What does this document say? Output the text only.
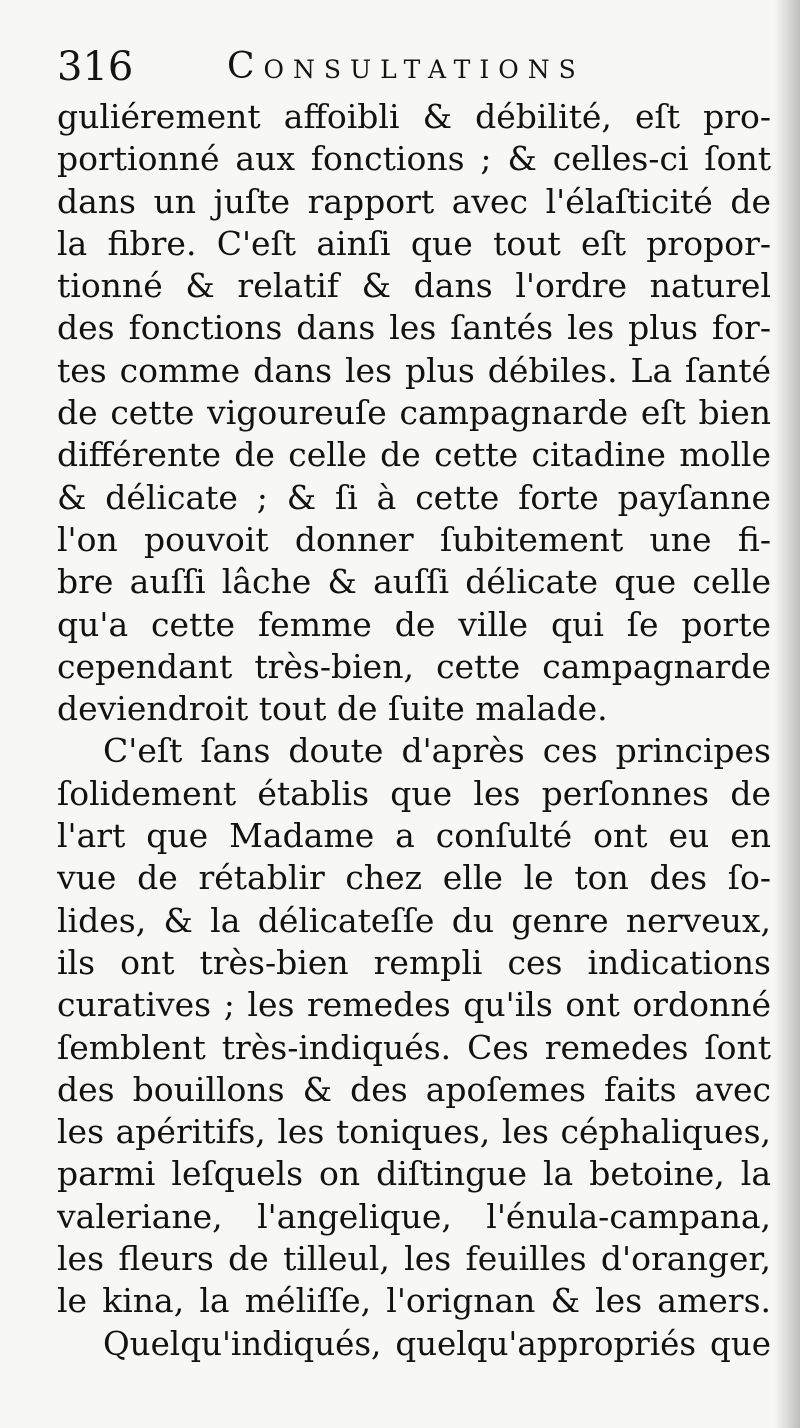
316	Consultations
guliérement affoibli & débilité, eſt pro-
portionné aux fonctions ; & celles-ci ſont
dans un juſte rapport avec l'élaſticité de
la fibre. C'eſt ainſi que tout eſt propor-
tionné & relatif & dans l'ordre naturel
des fonctions dans les ſantés les plus for-
tes comme dans les plus débiles. La ſanté
de cette vigoureuſe campagnarde eſt bien
différente de celle de cette citadine molle
& délicate ; & ſi à cette forte payſanne
l'on pouvoit donner ſubitement une fi-
bre auſſi lâche & auſſi délicate que celle
qu'a cette femme de ville qui ſe porte
cependant très-bien, cette campagnarde
deviendroit tout de ſuite malade.
C'eſt ſans doute d'après ces principes
ſolidement établis que les perſonnes de
l'art que Madame a conſulté ont eu en
vue de rétablir chez elle le ton des ſo-
lides, & la délicateſſe du genre nerveux,
ils ont très-bien rempli ces indications
curatives ; les remedes qu'ils ont ordonné
ſemblent très-indiqués. Ces remedes ſont
des bouillons & des apoſemes faits avec
les apéritifs, les toniques, les céphaliques,
parmi leſquels on diſtingue la betoine, la
valeriane, l'angelique, l'énula-campana,
les fleurs de tilleul, les feuilles d'oranger,
le kina, la méliſſe, l'orignan & les amers.
Quelqu'indiqués, quelqu'appropriés que
